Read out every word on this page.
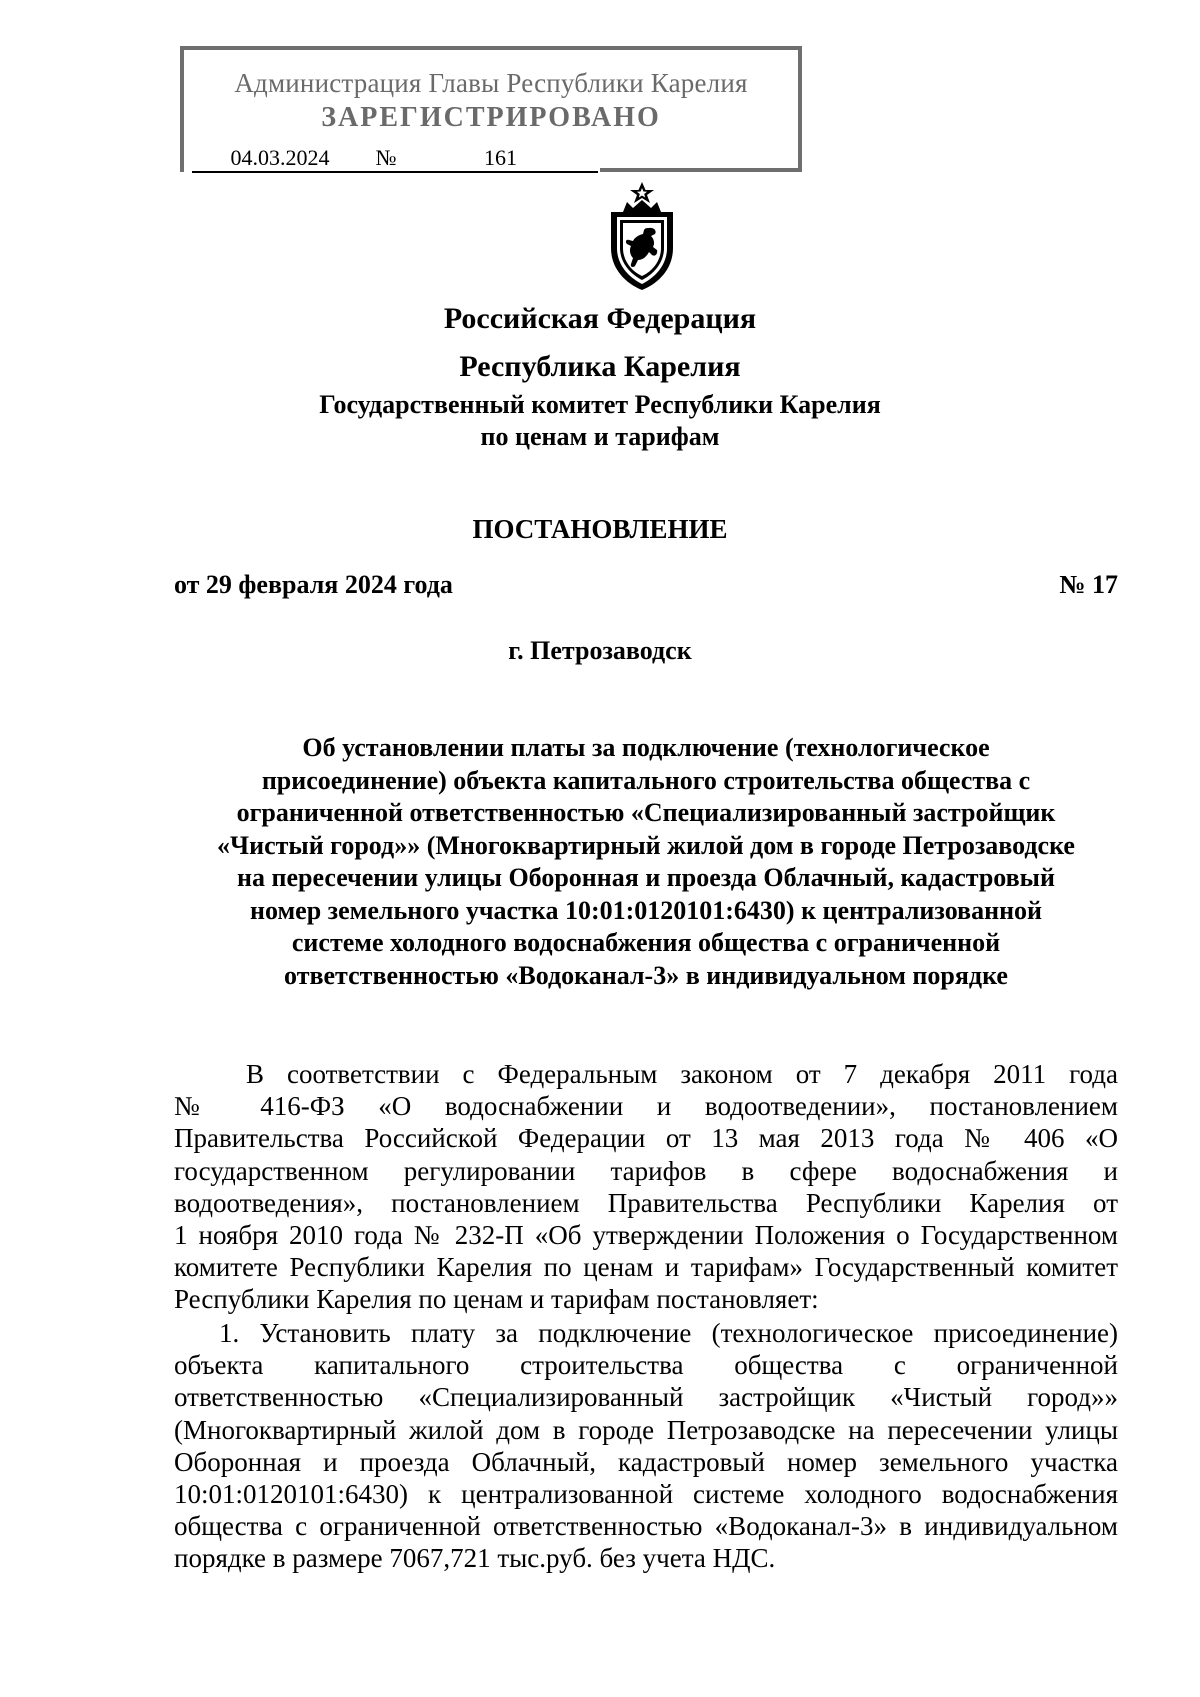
Администрация Главы Республики Карелия
ЗАРЕГИСТРИРОВАНО
04.03.2024	№	161
Российская Федерация
Республика Карелия
Государственный комитет Республики Карелия
по ценам и тарифам
ПОСТАНОВЛЕНИЕ
от 29 февраля 2024 года	№ 17
г. Петрозаводск
Об установлении платы за подключение (технологическое
присоединение) объекта капитального строительства общества с
ограниченной ответственностью «Специализированный застройщик
«Чистый город»» (Многоквартирный жилой дом в городе Петрозаводске
на пересечении улицы Оборонная и проезда Облачный, кадастровый
номер земельного участка 10:01:0120101:6430) к централизованной
системе холодного водоснабжения общества с ограниченной
ответственностью «Водоканал-3» в индивидуальном порядке
В соответствии с Федеральным законом от 7 декабря 2011 года
№ 416-ФЗ «О водоснабжении и водоотведении», постановлением
Правительства Российской Федерации от 13 мая 2013 года № 406 «О
государственном регулировании тарифов в сфере водоснабжения и
водоотведения», постановлением Правительства Республики Карелия от
1 ноября 2010 года № 232-П «Об утверждении Положения о Государственном
комитете Республики Карелия по ценам и тарифам» Государственный комитет
Республики Карелия по ценам и тарифам постановляет:
1. Установить плату за подключение (технологическое присоединение)
объекта капитального строительства общества с ограниченной
ответственностью «Специализированный застройщик «Чистый город»»
(Многоквартирный жилой дом в городе Петрозаводске на пересечении улицы
Оборонная и проезда Облачный, кадастровый номер земельного участка
10:01:0120101:6430) к централизованной системе холодного водоснабжения
общества с ограниченной ответственностью «Водоканал-3» в индивидуальном
порядке в размере 7067,721 тыс.руб. без учета НДС.
